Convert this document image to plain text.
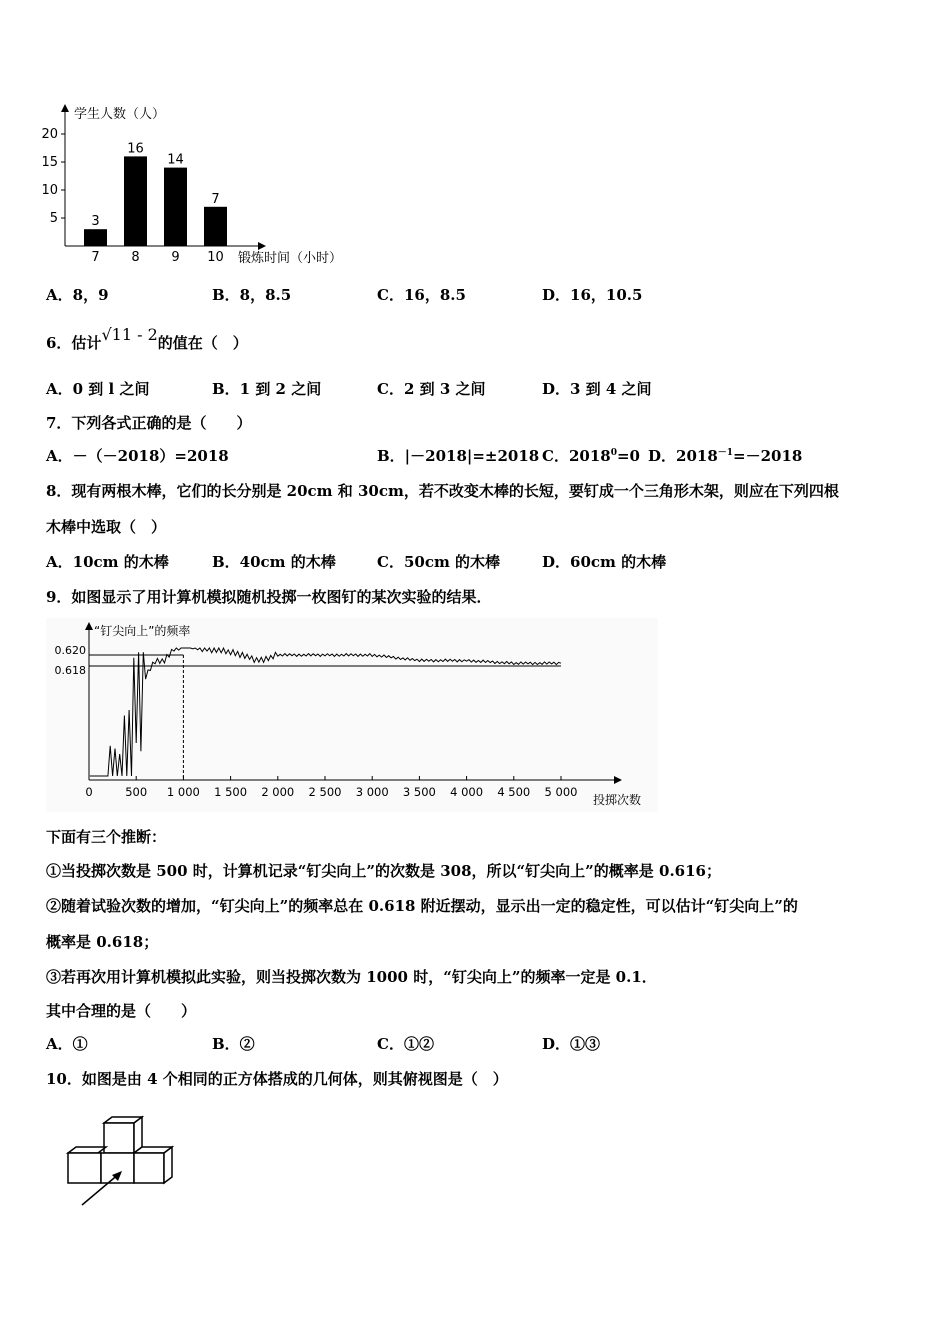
学生人数（人）
锻炼时间（小时）
5
10
15
20
3
7
16
8
14
9
7
10
A．8，9	B．8，8.5	C．16，8.5	D．16，10.5
6．估计√11 - 2的值在（　）
A．0 到 l 之间	B．1 到 2 之间	C．2 到 3 之间	D．3 到 4 之间
7．下列各式正确的是（　　）
A．－（－2018）=2018	B．|－2018|=±2018 C．$2018^0=0$ D．$2018^{-1}=-2018$
8．现有两根木棒，它们的长分别是 20cm 和 30cm，若不改变木棒的长短，要钉成一个三角形木架，则应在下列四根
木棒中选取（　）
A．10cm 的木棒	B．40cm 的木棒	C．50cm 的木棒	D．60cm 的木棒
9．如图显示了用计算机模拟随机投掷一枚图钉的某次实验的结果．
“钉尖向上”的频率
投掷次数
0.620
0.618
0	500 1 000 1 500 2 000 2 500 3 000 3 500 4 000 4 500 5 000
下面有三个推断：
①当投掷次数是 500 时，计算机记录“钉尖向上”的次数是 308，所以“钉尖向上”的概率是 0.616；
②随着试验次数的增加，“钉尖向上”的频率总在 0.618 附近摆动，显示出一定的稳定性，可以估计“钉尖向上”的
概率是 0.618；
③若再次用计算机模拟此实验，则当投掷次数为 1000 时，“钉尖向上”的频率一定是 0.1．
其中合理的是（　　）
A．①	B．②	C．①②	D．①③
10．如图是由 4 个相同的正方体搭成的几何体，则其俯视图是（　）
